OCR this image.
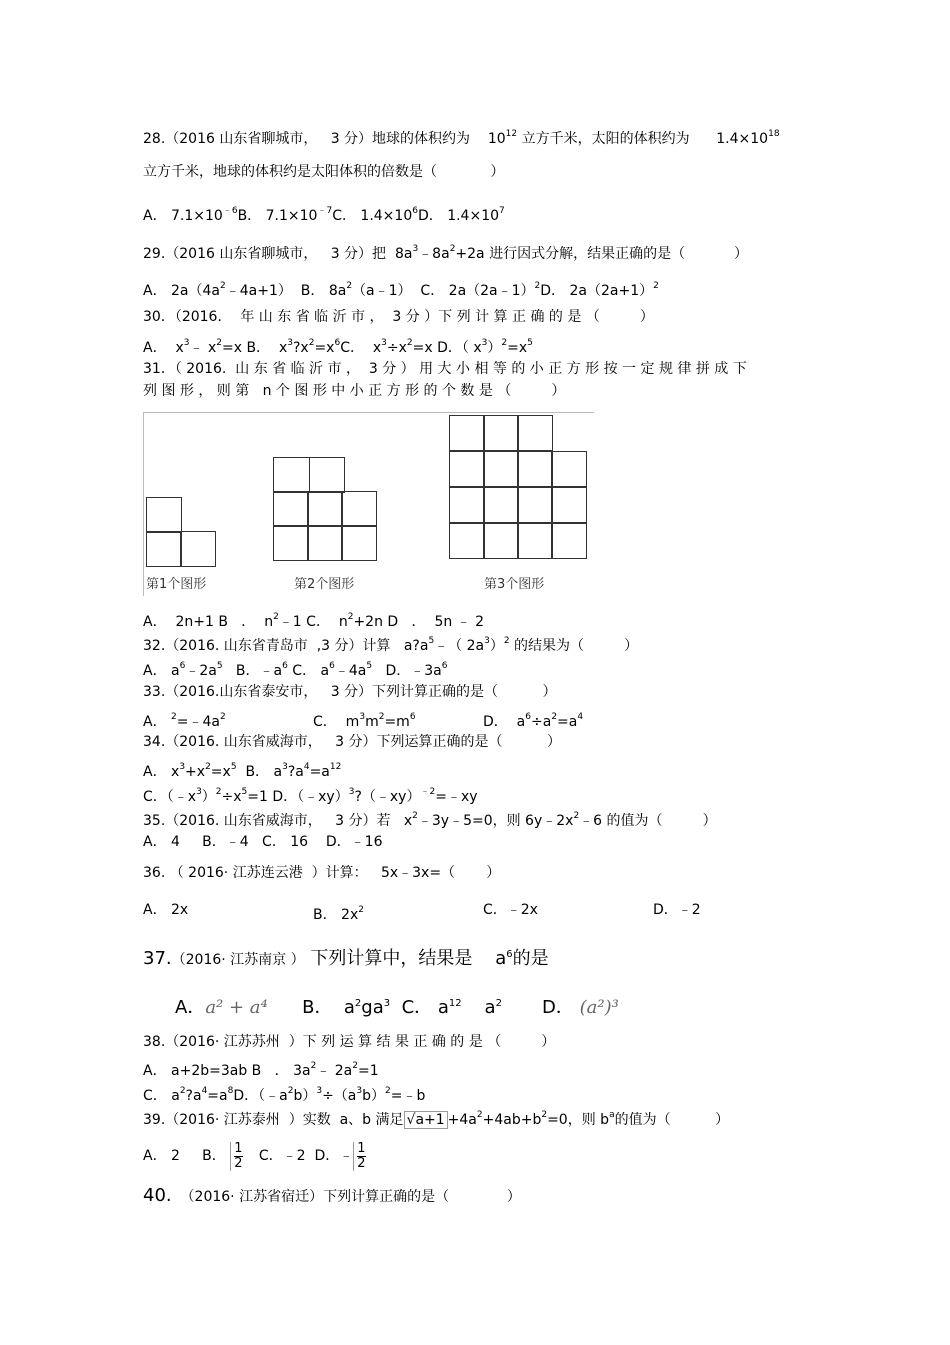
28.（2016 山东省聊城市，   3 分）地球的体积约为    $10^{12}$ 立方千米，太阳的体积约为      $1.4\times 10^{18}$
立方千米，地球的体积约是太阳体积的倍数是（            ）
A． $7.1\times 10^{﹣6}B$． $7.1\times 10^{﹣7}C$． $1.4\times 10^6D$． $1.4\times 10^7$
29.（2016 山东省聊城市，   3 分）把  $8a^3﹣8a^2+2a$ 进行因式分解，结果正确的是（           ）
A． $2a(4a^2﹣4a+1)$  B． $8a^2(a﹣1)$  C． 2a（2a﹣1）$^2$D． $2a(2a+1)^2$
30．（2016．  年 山 东 省 临 沂 市 ，  3 分 ）下 列 计 算 正 确 的 是 （         ）
A．  $x^3﹣$ $x^2=x$ B．  $x^3?x^2=x^6C$．  $x^3\div x^2=x$ D．（ $x^3)^2=x^5$
31．（ 2016.  山 东 省 临 沂 市 ，  3 分 ） 用 大 小 相 等 的 小 正 方 形 按 一 定 规 律 拼 成 下
列 图 形 ， 则 第   n 个 图 形 中 小 正 方 形 的 个 数 是 （         ）
第1个图形	第2个图形	第3个图形
A．  2n+1 B   ．  $n^2﹣1$ C．  $n^2+2n$ D   ．  5n ﹣ 2
32.（2016. 山东省青岛市  ,3 分）计算   $a?a^5﹣$（ $2a^3)^2$ 的结果为（         ）
A． $a^6﹣2a^5$   B．$﹣a^6$ C． $a^6﹣4a^5$   D．$﹣3a^6$
33.（2016.山东省泰安市，   3 分）下列计算正确的是（          ）
A． $^2=﹣4a^2$	C．  $m^3m^2=m^6$	D．  $a^6\div a^2=a^4$
34.（2016. 山东省威海市，   3 分）下列运算正确的是（          ）
A． $x^3+x^2=x^5$  B． $a^3?a^4=a^{12}$
C．$(﹣x^3)^2\div x^5=1$ D．（﹣xy）$^3$?（﹣xy）$^{﹣2}$=﹣xy
35.（2016. 山东省威海市，   3 分）若   $x^2﹣3y﹣5=0$，则 $6y﹣2x^2﹣6$ 的值为（         ）
A． 4     B．﹣4   C． 16    D．﹣16
36. （ 2016· 江苏连云港  ）计算：   5x﹣3x=（       ）
A． 2x	B． $2x^2$	C．﹣2x	D．﹣2
37.（2016· 江苏南京 ） 下列计算中，结果是    $a^6$的是
A．a² + a⁴ B．  $a^2ga^3$ C． $a^{12}$ $a^2$ D． (a²)³
38.（2016· 江苏苏州  ）下 列 运 算 结 果 正 确 的 是 （         ）
A． a+2b=3ab B   ． $3a^2﹣$ $2a^2=1$
C． $a^2?a^4=a^8D$．$(﹣a^2b)^3\div(a^3b)^2=﹣b$
39.（2016· 江苏泰州  ）实数  a、b 满足 $√a+1 +4a^2+4ab+b^2=0$，则 $b^a$的值为（          ）
A． 2     B． $\frac{1}{2}$ C．﹣2  D．﹣ $\frac{1}{2}$
40.  （2016· 江苏省宿迁）下列计算正确的是（             ）
